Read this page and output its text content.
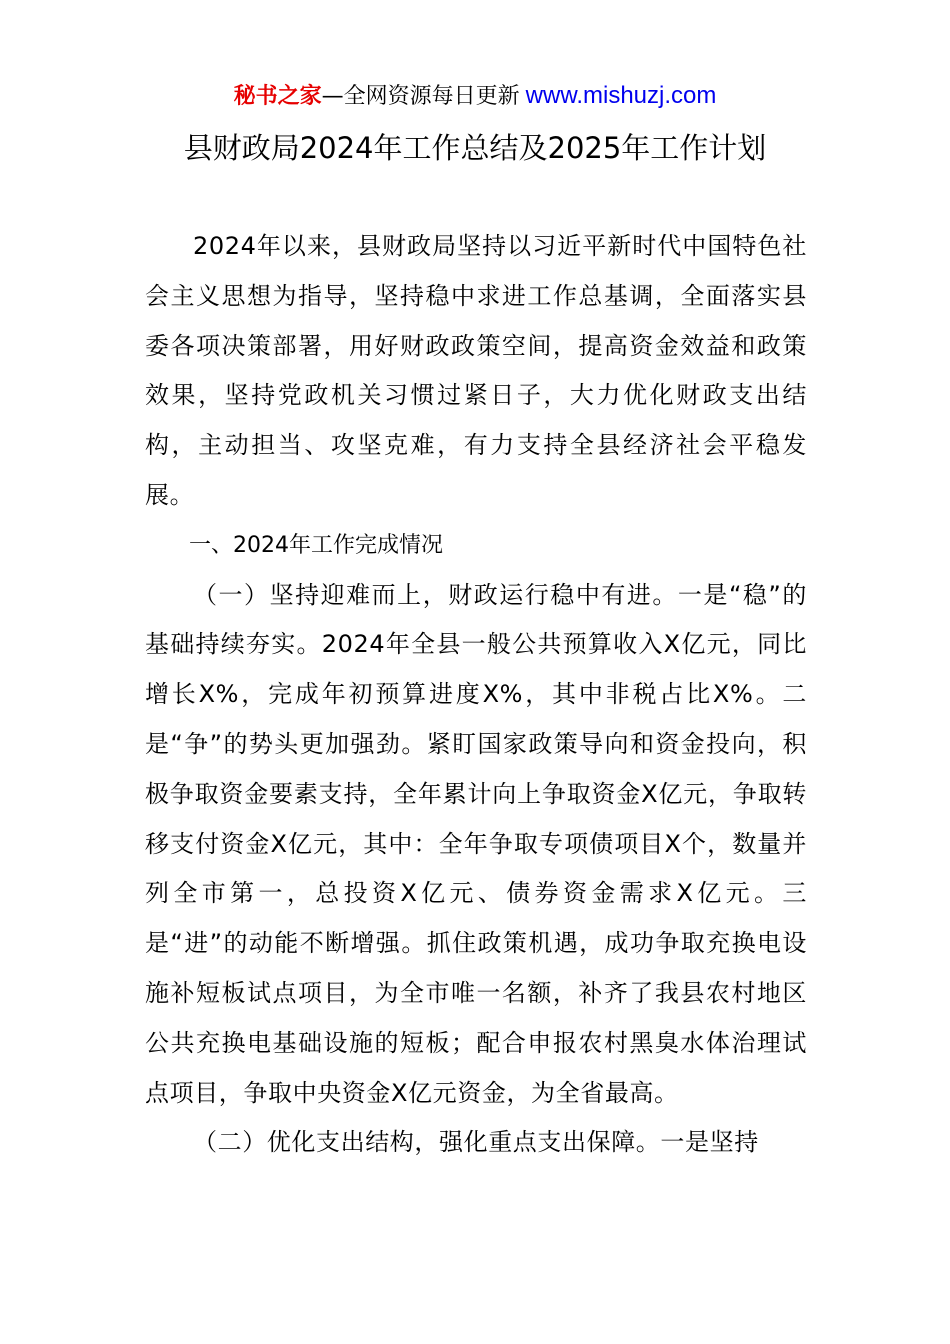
秘书之家—全网资源每日更新 www.mishuzj.com
县财政局2024年工作总结及2025年工作计划

2024年以来，县财政局坚持以习近平新时代中国特色社会主义思想为指导，坚持稳中求进工作总基调，全面落实县委各项决策部署，用好财政政策空间，提高资金效益和政策效果，坚持党政机关习惯过紧日子，大力优化财政支出结构，主动担当、攻坚克难，有力支持全县经济社会平稳发展。

一、2024年工作完成情况

（一）坚持迎难而上，财政运行稳中有进。一是“稳”的基础持续夯实。2024年全县一般公共预算收入X亿元，同比增长X%，完成年初预算进度X%，其中非税占比X%。二是“争”的势头更加强劲。紧盯国家政策导向和资金投向，积极争取资金要素支持，全年累计向上争取资金X亿元，争取转移支付资金X亿元，其中：全年争取专项债项目X个，数量并列全市第一，总投资X亿元、债券资金需求X亿元。三是“进”的动能不断增强。抓住政策机遇，成功争取充换电设施补短板试点项目，为全市唯一名额，补齐了我县农村地区公共充换电基础设施的短板；配合申报农村黑臭水体治理试点项目，争取中央资金X亿元资金，为全省最高。

（二）优化支出结构，强化重点支出保障。一是坚持
